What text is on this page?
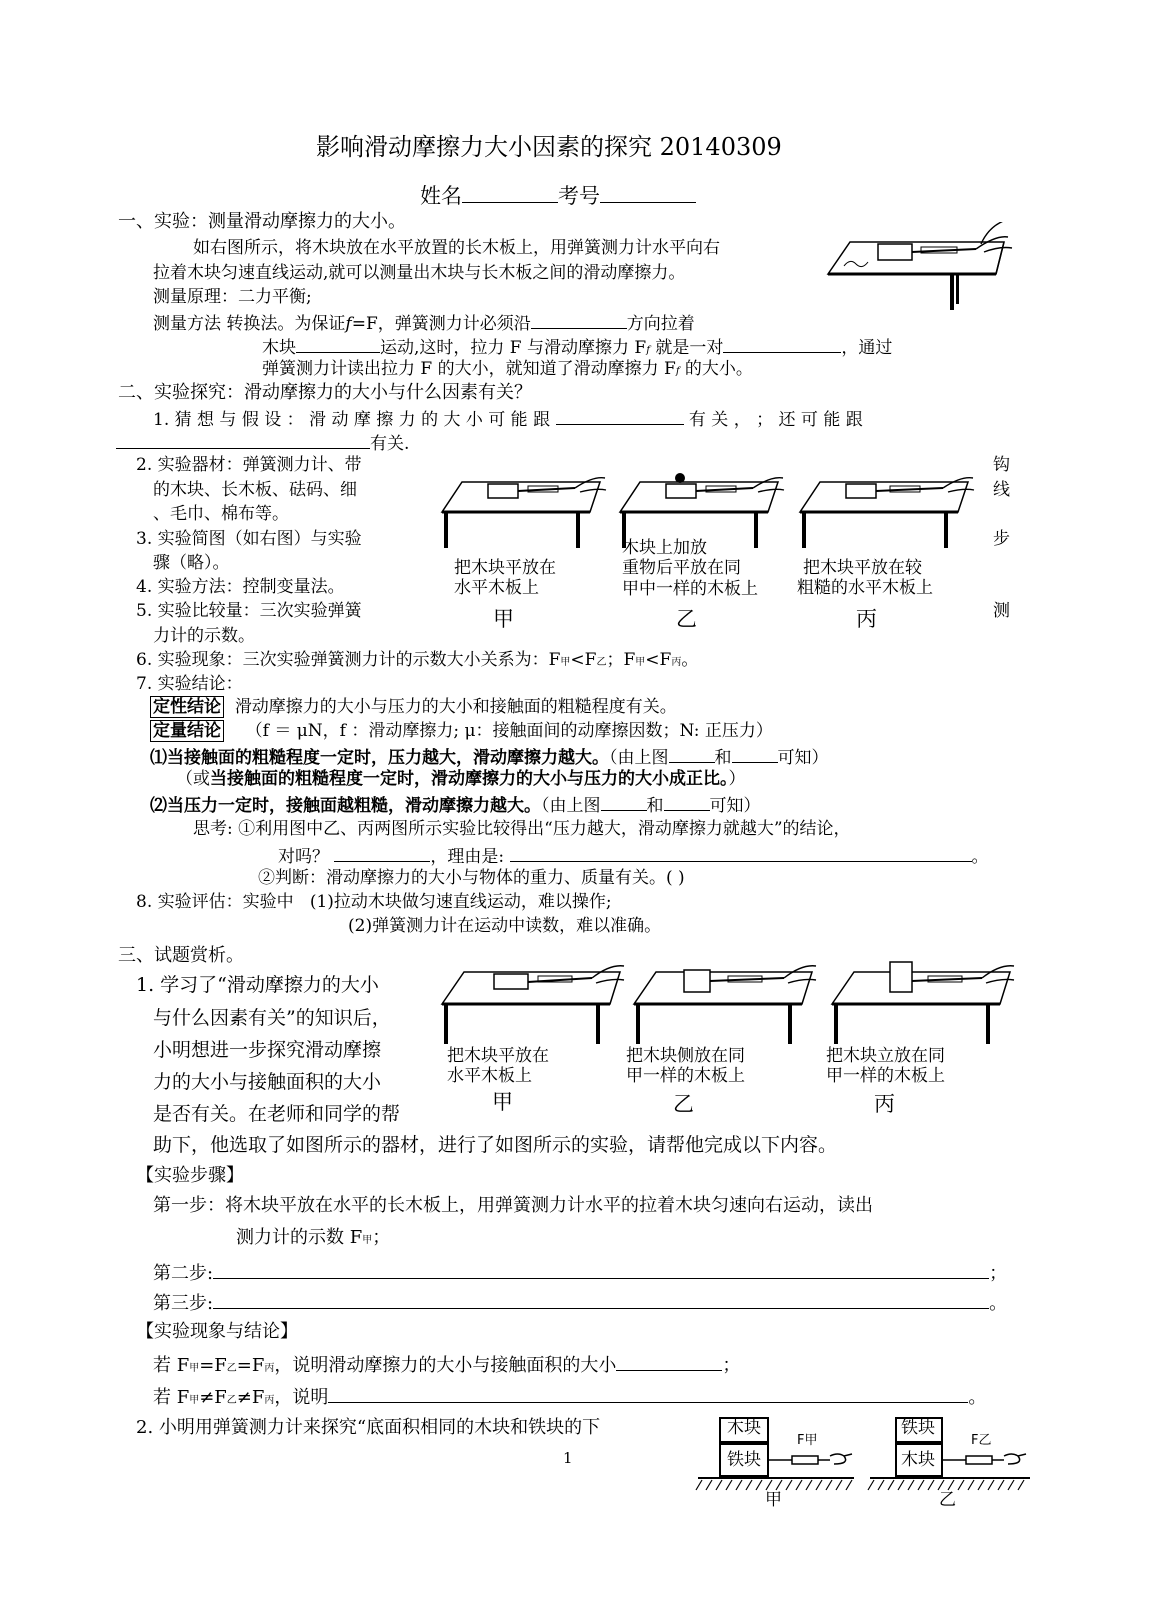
影响滑动摩擦力大小因素的探究 20140309
姓名	考号
一、实验：测量滑动摩擦力的大小。
如右图所示，将木块放在水平放置的长木板上，用弹簧测力计水平向右
拉着木块匀速直线运动,就可以测量出木块与长木板之间的滑动摩擦力。
测量原理：二力平衡;
测量方法 转换法。为保证f=F，弹簧测力计必须沿	方向拉着
木块	运动,这时，拉力 F 与滑动摩擦力 Ff 就是一对	，通过
弹簧测力计读出拉力 F 的大小，就知道了滑动摩擦力 Ff 的大小。
二、实验探究：滑动摩擦力的大小与什么因素有关？
1. 猜 想 与 假 设 ： 滑 动 摩 擦 力 的 大 小 可 能 跟	有 关 ， ； 还 可 能 跟
有关.
2. 实验器材：弹簧测力计、带	钩
的木块、长木板、砝码、细	线
、毛巾、棉布等。
3. 实验简图（如右图）与实验	步
骤（略）。
4. 实验方法：控制变量法。
5. 实验比较量：三次实验弹簧	测
力计的示数。
把木块平放在
水平木板上
甲
木块上加放
重物后平放在同
甲中一样的木板上
乙
把木块平放在较
粗糙的水平木板上
丙
6. 实验现象：三次实验弹簧测力计的示数大小关系为：F甲<F乙；F甲<F丙。
7. 实验结论：
定性结论 滑动摩擦力的大小与压力的大小和接触面的粗糙程度有关。
定量结论 （f ＝ μN，f ：滑动摩擦力; μ：接触面间的动摩擦因数；N: 正压力）
⑴当接触面的粗糙程度一定时，压力越大，滑动摩擦力越大。（由上图	和	可知）
（或当接触面的粗糙程度一定时，滑动摩擦力的大小与压力的大小成正比。）
⑵当压力一定时，接触面越粗糙，滑动摩擦力越大。（由上图	和	可知）
思考: ①利用图中乙、丙两图所示实验比较得出“压力越大，滑动摩擦力就越大”的结论，
对吗？	，理由是:	。
②判断：滑动摩擦力的大小与物体的重力、质量有关。( )
8. 实验评估：实验中 (1)拉动木块做匀速直线运动，难以操作;
(2)弹簧测力计在运动中读数，难以准确。
三、试题赏析。
1. 学习了“滑动摩擦力的大小
与什么因素有关”的知识后，
小明想进一步探究滑动摩擦
力的大小与接触面积的大小
是否有关。在老师和同学的帮
助下，他选取了如图所示的器材，进行了如图所示的实验，请帮他完成以下内容。
把木块平放在
水平木板上
甲
把木块侧放在同
甲一样的木板上
乙
把木块立放在同
甲一样的木板上
丙
【实验步骤】
第一步：将木块平放在水平的长木板上，用弹簧测力计水平的拉着木块匀速向右运动，读出
测力计的示数 F甲；
第二步:	；
第三步:	。
【实验现象与结论】
若 F甲=F乙=F丙，说明滑动摩擦力的大小与接触面积的大小	；
若 F甲≠F乙≠F丙，说明	。
2. 小明用弹簧测力计来探究“底面积相同的木块和铁块的下
1
木块
铁块
F甲
甲
铁块
木块
F乙
乙
